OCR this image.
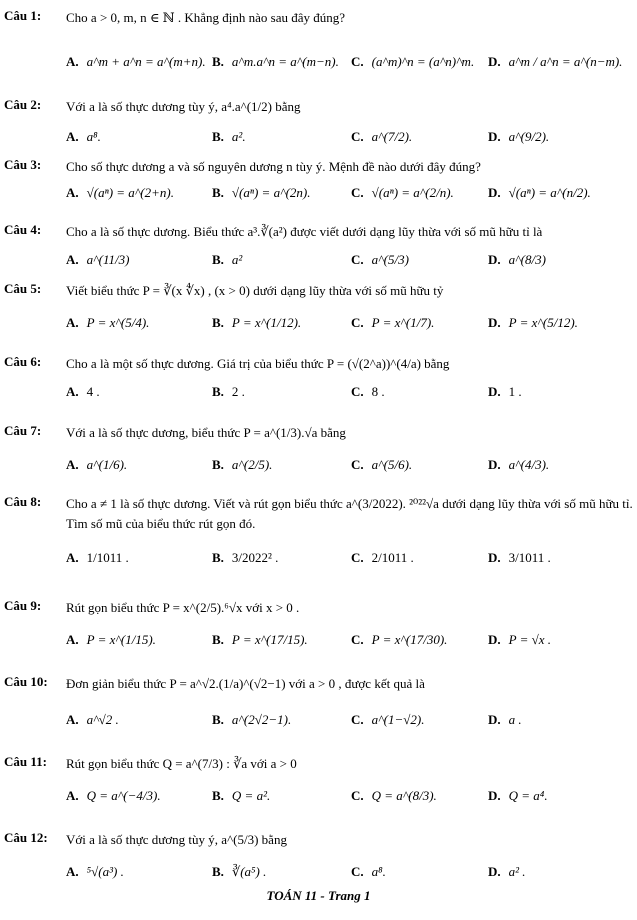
Câu 1: Cho a > 0, m, n ∈ ℕ . Khẳng định nào sau đây đúng?
A. a^m + a^n = a^(m+n). B. a^m.a^n = a^(m−n). C. (a^m)^n = (a^n)^m. D. a^m / a^n = a^(n−m).
Câu 2: Với a là số thực dương tùy ý, a⁴.a^(1/2) bằng
A. a⁸.	B. a².	C. a^(7/2).	D. a^(9/2).
Câu 3: Cho số thực dương a và số nguyên dương n tùy ý. Mệnh đề nào dưới đây đúng?
A. √(aⁿ) = a^(2+n).	B. √(aⁿ) = a^(2n).	C. √(aⁿ) = a^(2/n).	D. √(aⁿ) = a^(n/2).
Câu 4: Cho a là số thực dương. Biểu thức a³.∛(a²) được viết dưới dạng lũy thừa với số mũ hữu tỉ là
A. a^(11/3)	B. a²	C. a^(5/3)	D. a^(8/3)
Câu 5: Viết biểu thức P = ∛(x ∜x) , (x > 0) dưới dạng lũy thừa với số mũ hữu tỷ
A. P = x^(5/4).	B. P = x^(1/12).	C. P = x^(1/7).	D. P = x^(5/12).
Câu 6: Cho a là một số thực dương. Giá trị của biểu thức P = (√(2^a))^(4/a) bằng
A. 4 .	B. 2 .	C. 8 .	D. 1 .
Câu 7: Với a là số thực dương, biểu thức P = a^(1/3).√a bằng
A. a^(1/6).	B. a^(2/5).	C. a^(5/6).	D. a^(4/3).
Câu 8: Cho a ≠ 1 là số thực dương. Viết và rút gọn biểu thức a^(3/2022). ²⁰²²√a dưới dạng lũy thừa với số mũ hữu tỉ. Tìm số mũ của biểu thức rút gọn đó.
A. 1/1011 .	B. 3/2022² .	C. 2/1011 .	D. 3/1011 .
Câu 9: Rút gọn biểu thức P = x^(2/5).⁶√x với x > 0 .
A. P = x^(1/15).	B. P = x^(17/15).	C. P = x^(17/30).	D. P = √x .
Câu 10: Đơn giản biểu thức P = a^√2.(1/a)^(√2−1) với a > 0 , được kết quả là
A. a^√2 .	B. a^(2√2−1).	C. a^(1−√2).	D. a .
Câu 11: Rút gọn biểu thức Q = a^(7/3) : ∛a với a > 0
A. Q = a^(−4/3).	B. Q = a².	C. Q = a^(8/3).	D. Q = a⁴.
Câu 12: Với a là số thực dương tùy ý, a^(5/3) bằng
A. ⁵√(a³) .	B. ∛(a⁵) .	C. a⁸.	D. a² .
TOÁN 11 - Trang 1
